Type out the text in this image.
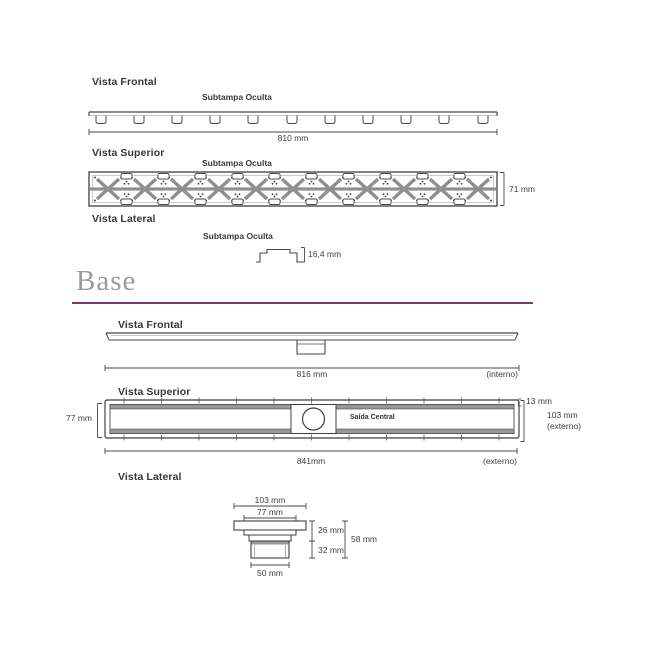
Vista Frontal
Subtampa Oculta
810 mm
Vista Superior
Subtampa Oculta
71 mm
Vista Lateral
Subtampa Oculta
16,4 mm
Base
Vista Frontal
816 mm	(interno)
Vista Superior
Saída Central
77 mm
13 mm
103 mm
(externo)
841mm	(externo)
Vista Lateral
103 mm
77 mm
26 mm
32 mm
58 mm
50 mm
